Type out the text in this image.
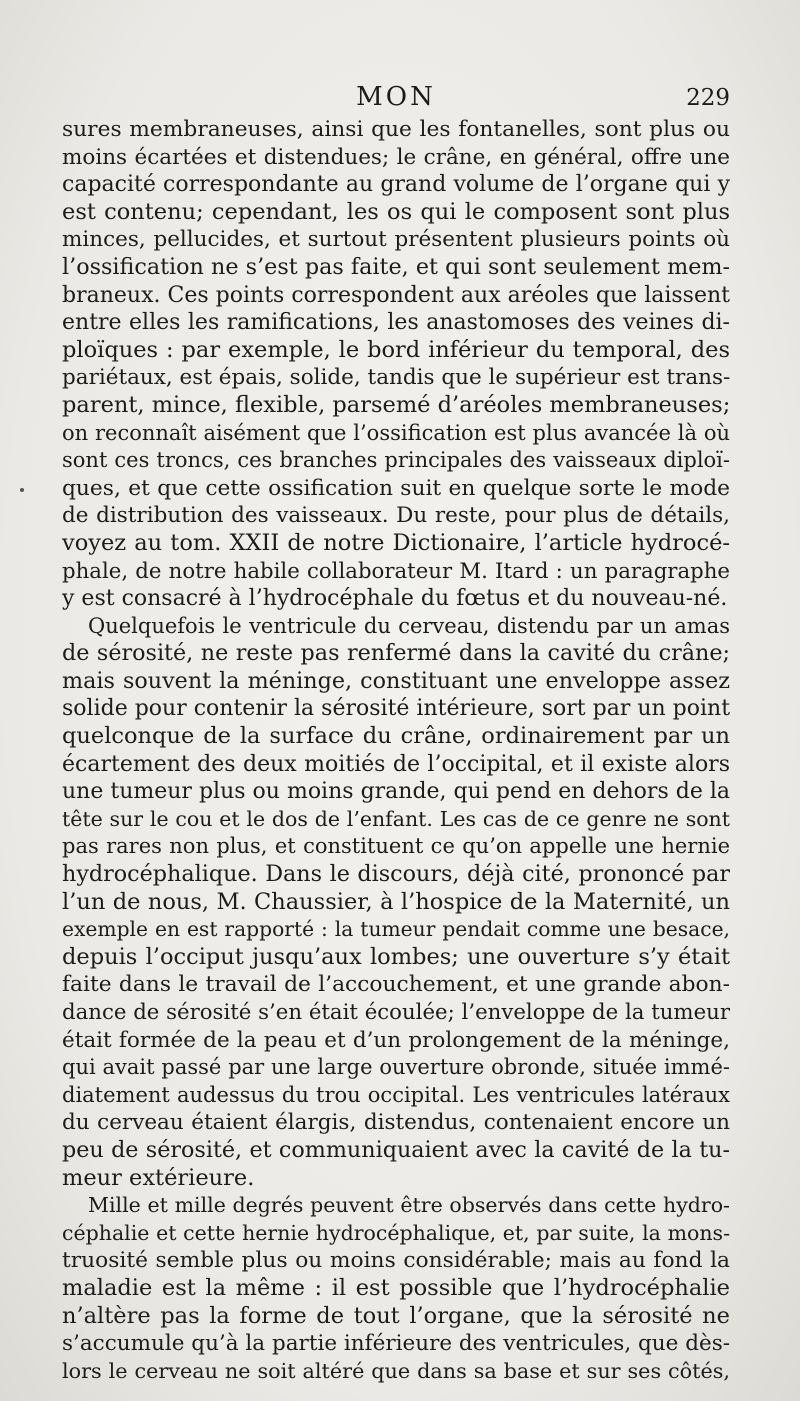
MON	229
sures membraneuses, ainsi que les fontanelles, sont plus ou
moins écartées et distendues; le crâne, en général, offre une
capacité correspondante au grand volume de l’organe qui y
est contenu; cependant, les os qui le composent sont plus
minces, pellucides, et surtout présentent plusieurs points où
l’ossification ne s’est pas faite, et qui sont seulement mem-
braneux. Ces points correspondent aux aréoles que laissent
entre elles les ramifications, les anastomoses des veines di-
ploïques : par exemple, le bord inférieur du temporal, des
pariétaux, est épais, solide, tandis que le supérieur est trans-
parent, mince, flexible, parsemé d’aréoles membraneuses;
on reconnaît aisément que l’ossification est plus avancée là où
sont ces troncs, ces branches principales des vaisseaux diploï-
ques, et que cette ossification suit en quelque sorte le mode
de distribution des vaisseaux. Du reste, pour plus de détails,
voyez au tom. XXII de notre Dictionaire, l’article hydrocé-
phale, de notre habile collaborateur M. Itard : un paragraphe
y est consacré à l’hydrocéphale du fœtus et du nouveau-né.
Quelquefois le ventricule du cerveau, distendu par un amas
de sérosité, ne reste pas renfermé dans la cavité du crâne;
mais souvent la méninge, constituant une enveloppe assez
solide pour contenir la sérosité intérieure, sort par un point
quelconque de la surface du crâne, ordinairement par un
écartement des deux moitiés de l’occipital, et il existe alors
une tumeur plus ou moins grande, qui pend en dehors de la
tête sur le cou et le dos de l’enfant. Les cas de ce genre ne sont
pas rares non plus, et constituent ce qu’on appelle une hernie
hydrocéphalique. Dans le discours, déjà cité, prononcé par
l’un de nous, M. Chaussier, à l’hospice de la Maternité, un
exemple en est rapporté : la tumeur pendait comme une besace,
depuis l’occiput jusqu’aux lombes; une ouverture s’y était
faite dans le travail de l’accouchement, et une grande abon-
dance de sérosité s’en était écoulée; l’enveloppe de la tumeur
était formée de la peau et d’un prolongement de la méninge,
qui avait passé par une large ouverture obronde, située immé-
diatement audessus du trou occipital. Les ventricules latéraux
du cerveau étaient élargis, distendus, contenaient encore un
peu de sérosité, et communiquaient avec la cavité de la tu-
meur extérieure.
Mille et mille degrés peuvent être observés dans cette hydro-
céphalie et cette hernie hydrocéphalique, et, par suite, la mons-
truosité semble plus ou moins considérable; mais au fond la
maladie est la même : il est possible que l’hydrocéphalie
n’altère pas la forme de tout l’organe, que la sérosité ne
s’accumule qu’à la partie inférieure des ventricules, que dès-
lors le cerveau ne soit altéré que dans sa base et sur ses côtés,
